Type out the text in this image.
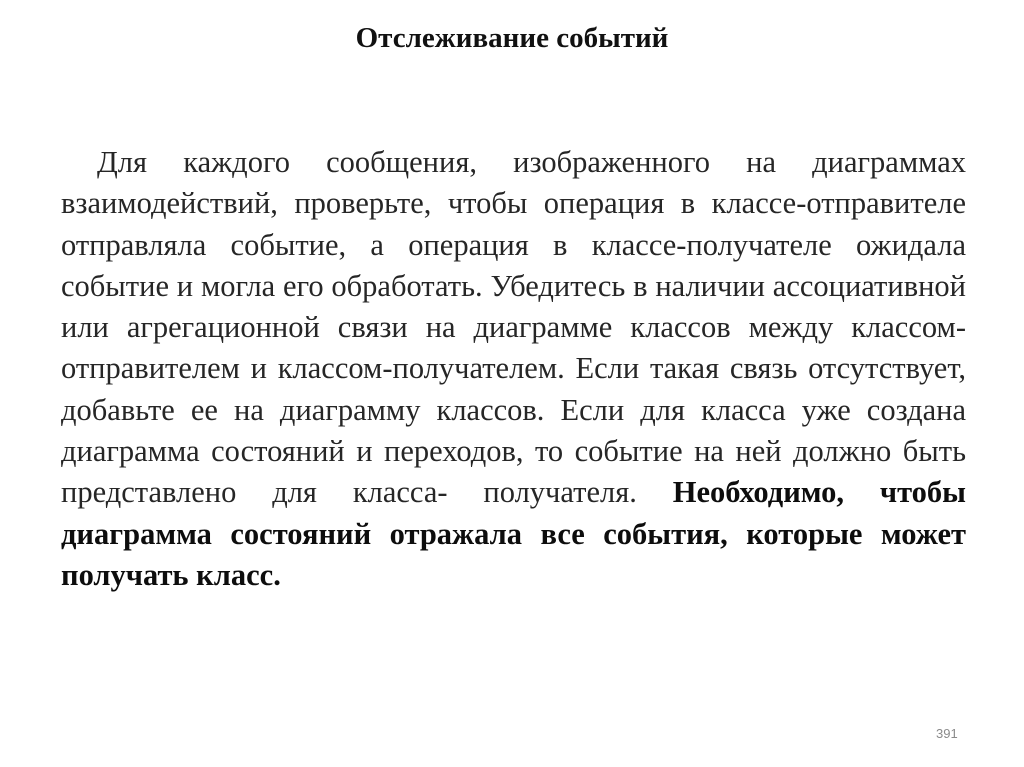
Отслеживание событий

Для каждого сообщения, изображенного на диаграммах взаимодействий, проверьте, чтобы операция в классе-отправителе отправляла событие, а операция в классе-получателе ожидала событие и могла его обработать. Убедитесь в наличии ассоциативной или агрегационной связи на диаграмме классов между классом-отправителем и классом-получателем. Если такая связь отсутствует, добавьте ее на диаграмму классов. Если для класса уже создана диаграмма состояний и переходов, то событие на ней должно быть представлено для класса- получателя. Необходимо, чтобы диаграмма состояний отражала все события, которые может получать класс.

391
